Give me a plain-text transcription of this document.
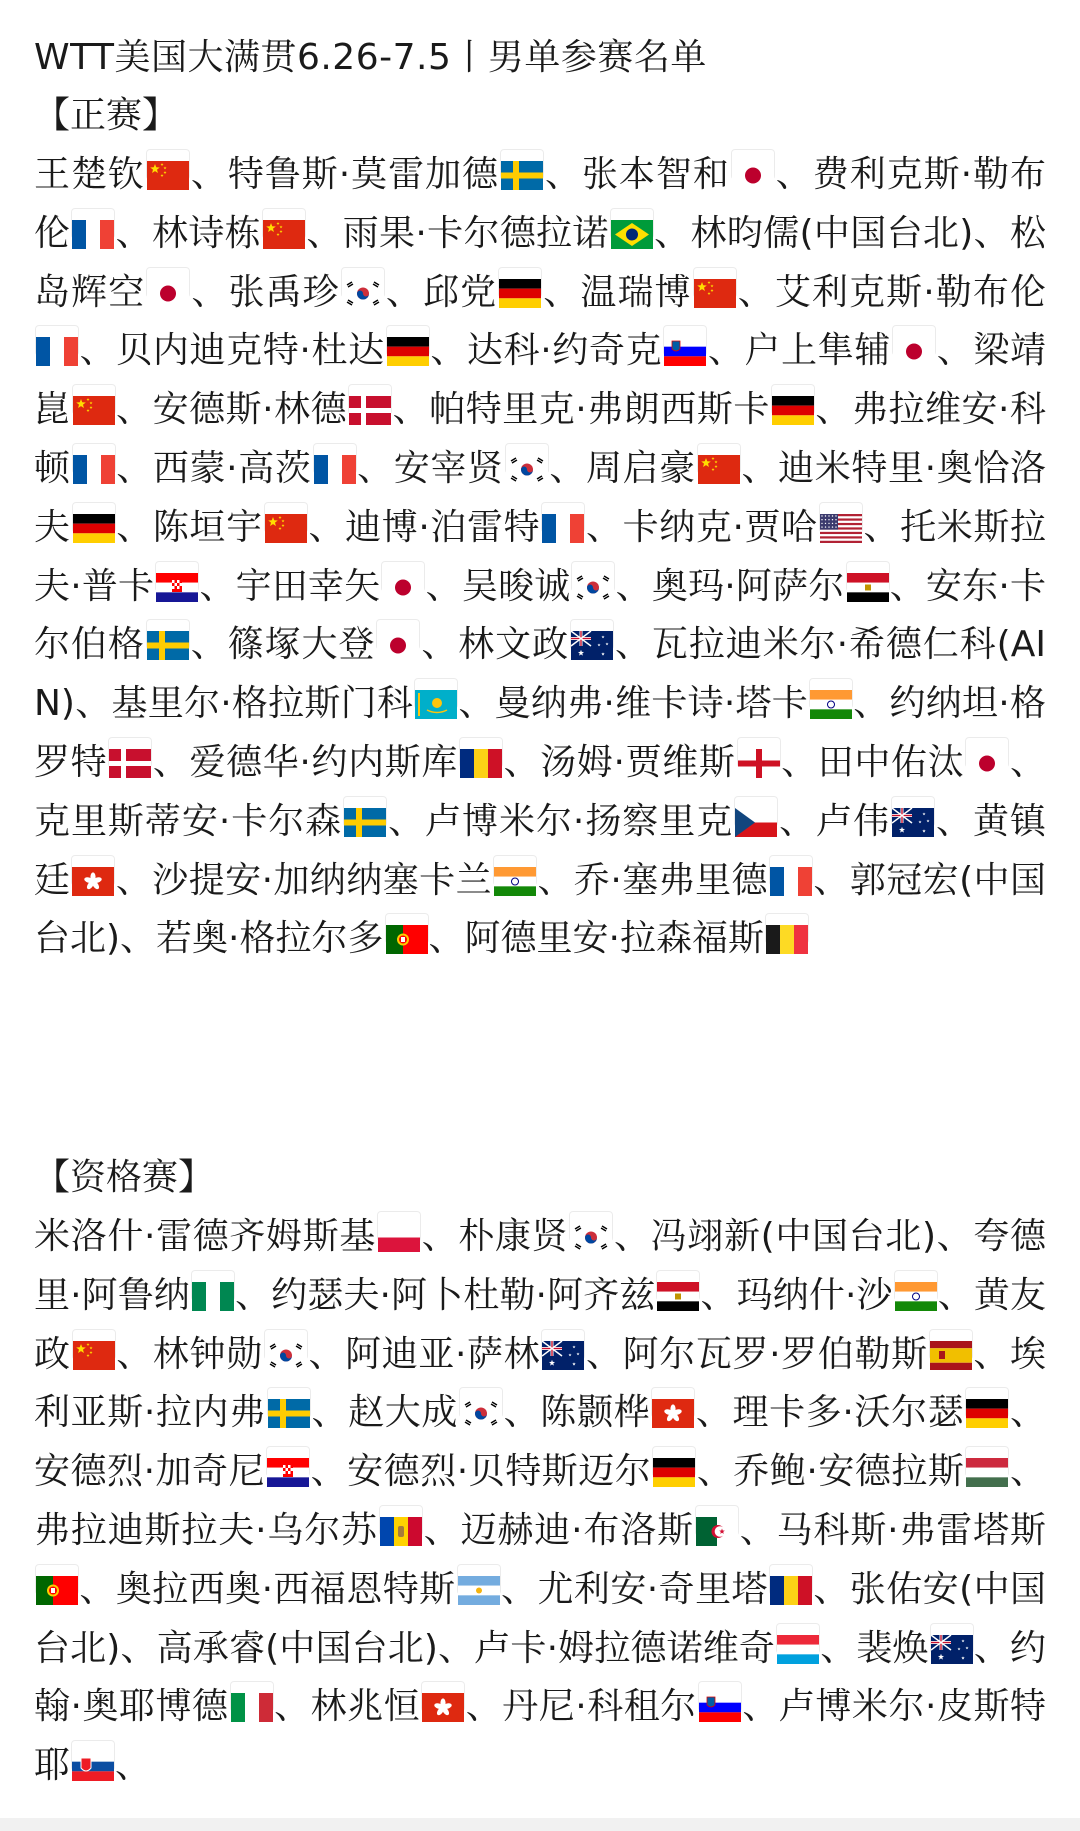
WTT美国大满贯6.26-7.5丨男单参赛名单
【正赛】
王楚钦 、特鲁斯·莫雷加德 、张本智和 、费利克斯·勒布伦 、林诗栋 、雨果·卡尔德拉诺 、林昀儒(中国台北)、松岛辉空 、张禹珍 、邱党 、温瑞博 、艾利克斯·勒布伦、贝内迪克特·杜达 、达科·约奇克 、户上隼辅 、梁靖崑 、安德斯·林德 、帕特里克·弗朗西斯卡 、弗拉维安·科顿 、西蒙·高茨 、安宰贤 、周启豪 、迪米特里·奥恰洛夫 、陈垣宇 、迪博·泊雷特 、卡纳克·贾哈 、托米斯拉夫·普卡 、宇田幸矢 、吴晙诚 、奥玛·阿萨尔 、安东·卡尔伯格 、篠塚大登 、林文政 、瓦拉迪米尔·希德仁科(AIN)、基里尔·格拉斯门科 、曼纳弗·维卡诗·塔卡 、约纳坦·格罗特 、爱德华·约内斯库 、汤姆·贾维斯 、田中佑汰 、克里斯蒂安·卡尔森 、卢博米尔·扬察里克 、卢伟 、黄镇廷 、沙提安·加纳纳塞卡兰 、乔·塞弗里德 、郭冠宏(中国台北)、若奥·格拉尔多 、阿德里安·拉森福斯
【资格赛】
米洛什·雷德齐姆斯基 、朴康贤 、冯翊新(中国台北)、夸德里·阿鲁纳 、约瑟夫·阿卜杜勒·阿齐兹 、玛纳什·沙 、黄友政 、林钟勋 、阿迪亚·萨林 、阿尔瓦罗·罗伯勒斯 、埃利亚斯·拉内弗 、赵大成 、陈颢桦 、理卡多·沃尔瑟 、安德烈·加奇尼 、安德烈·贝特斯迈尔 、乔鲍·安德拉斯 、弗拉迪斯拉夫·乌尔苏 、迈赫迪·布洛斯 、马科斯·弗雷塔斯、奥拉西奥·西福恩特斯 、尤利安·奇里塔 、张佑安(中国台北)、高承睿(中国台北)、卢卡·姆拉德诺维奇 、裴焕 、约翰·奥耶博德 、林兆恒 、丹尼·科租尔 、卢博米尔·皮斯特耶 、
